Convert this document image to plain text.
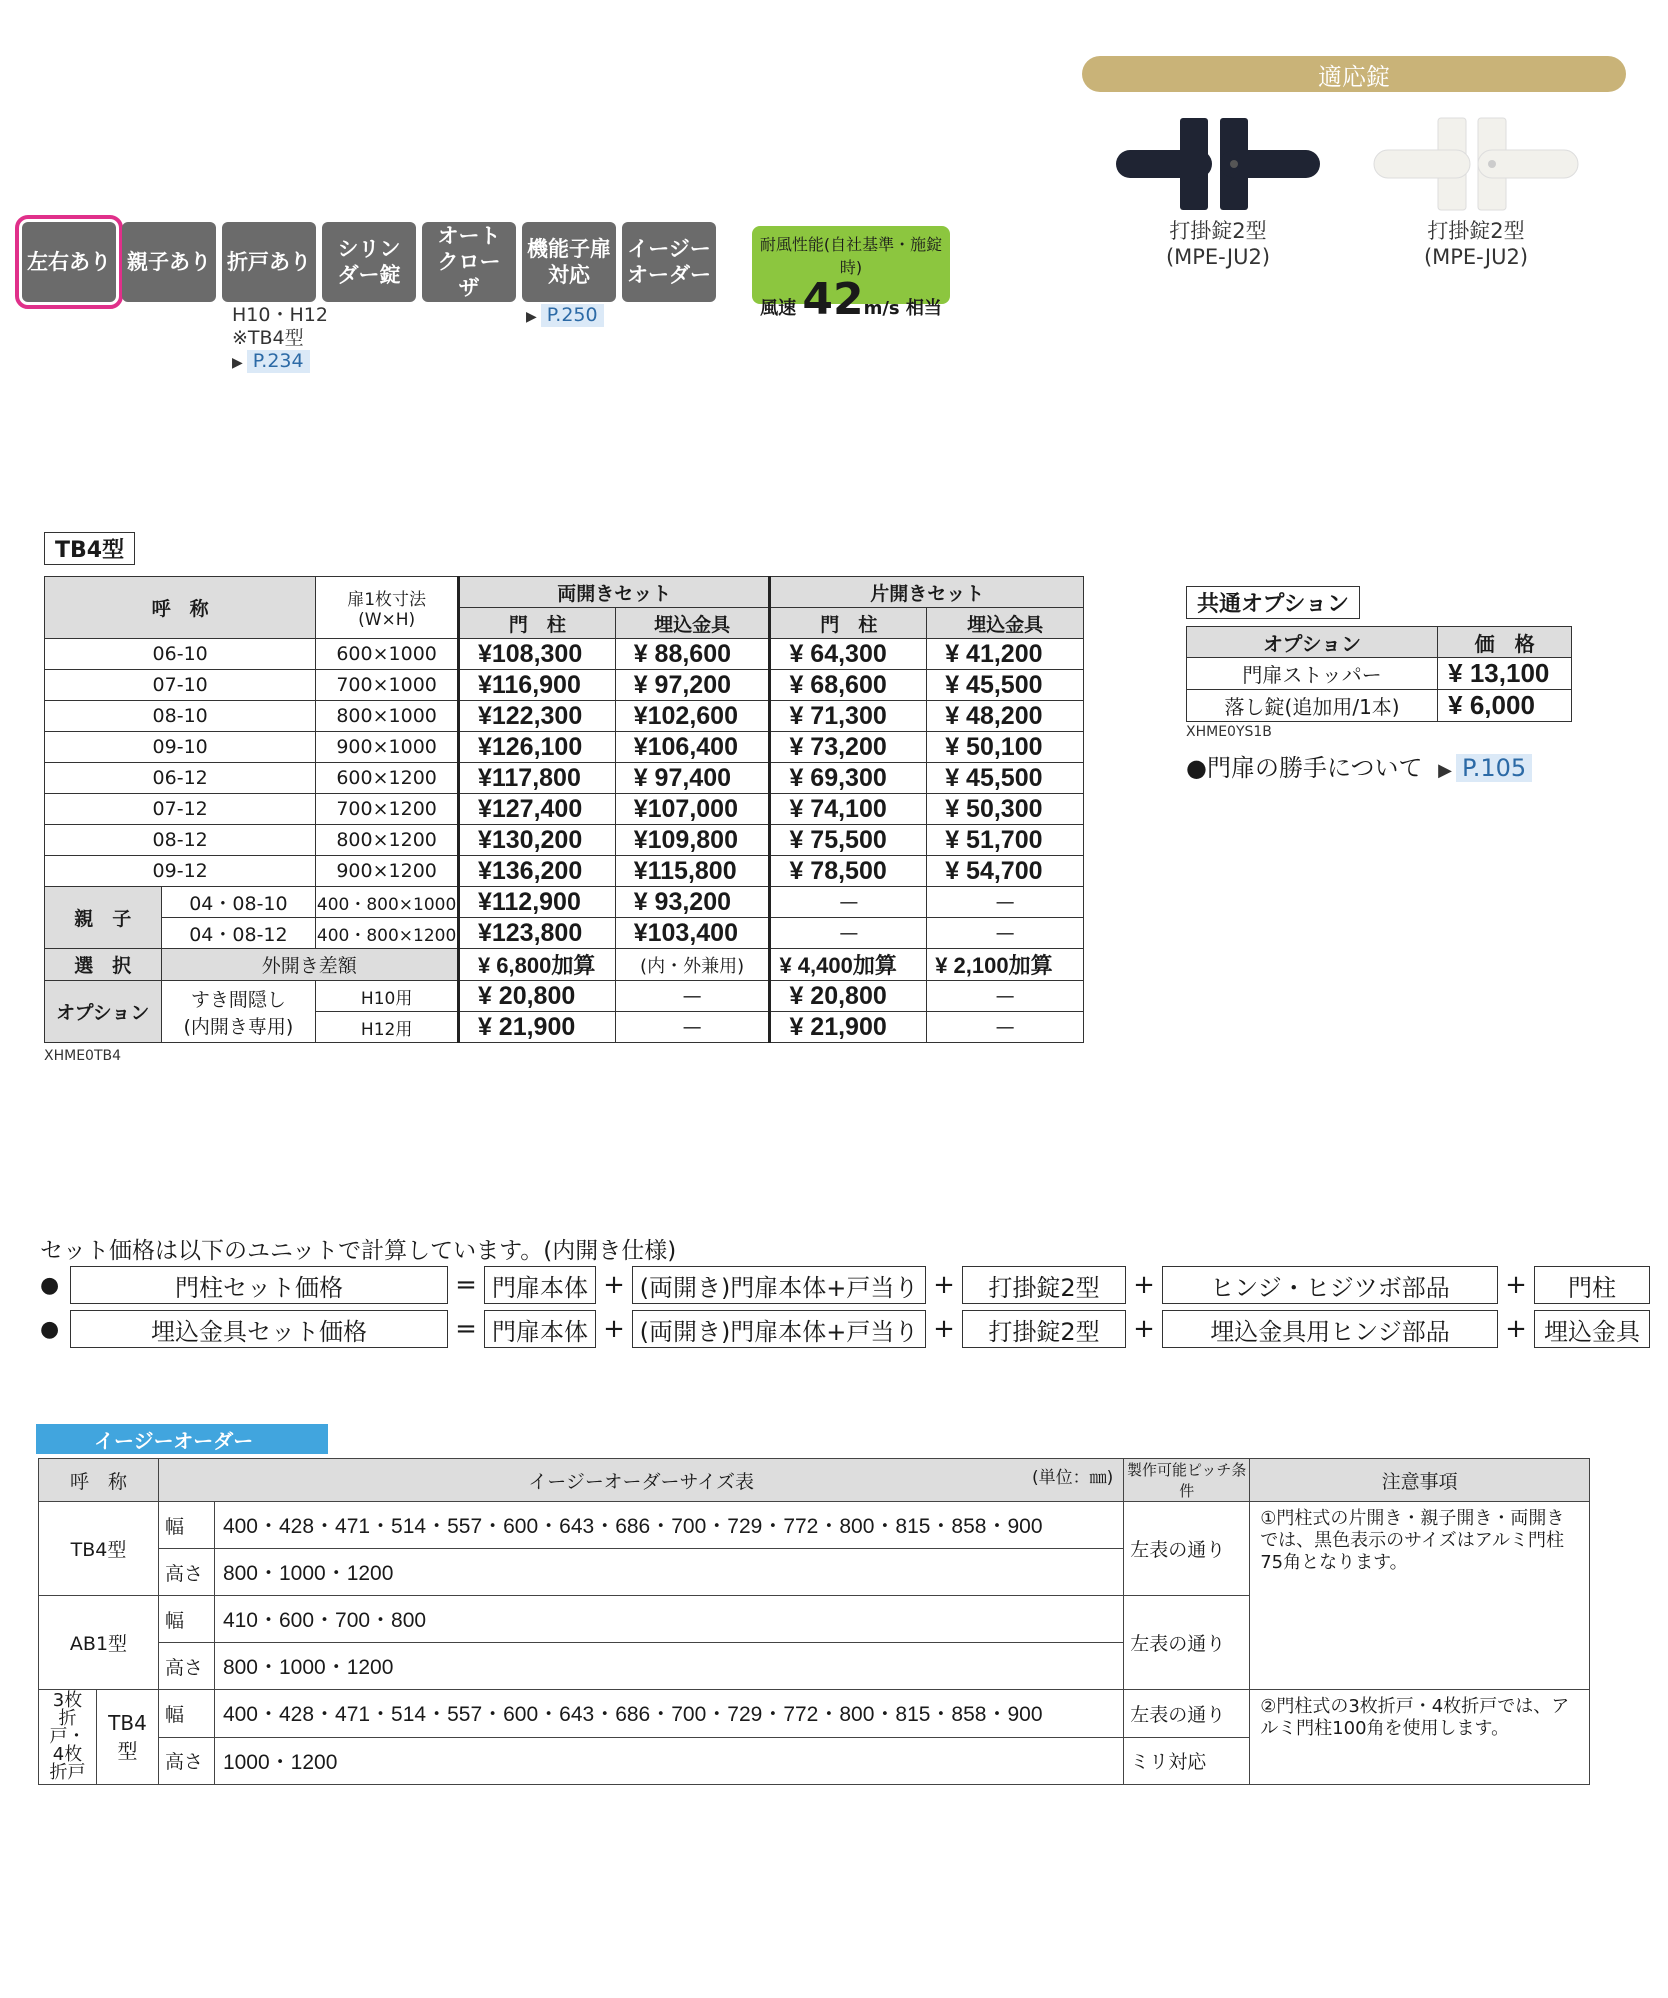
適応錠
打掛錠2型
(MPE-JU2)
打掛錠2型
(MPE-JU2)
左右あり 親子あり 折戸あり
シリンダー錠
オートクローザ
機能子扉対応
イージーオーダー
H10・H12
※TB4型
▶ P.234
▶ P.250
耐風性能(自社基準・施錠時)
風速 42m/s 相当
TB4型
呼　称		扉1枚寸法
(W×H)	両開きセット		片開きセット	
			門　柱	埋込金具	門　柱	埋込金具
06-10		600×1000	¥108,300	¥ 88,600	¥ 64,300	¥ 41,200
07-10		700×1000	¥116,900	¥ 97,200	¥ 68,600	¥ 45,500
08-10		800×1000	¥122,300	¥102,600	¥ 71,300	¥ 48,200
09-10		900×1000	¥126,100	¥106,400	¥ 73,200	¥ 50,100
06-12		600×1200	¥117,800	¥ 97,400	¥ 69,300	¥ 45,500
07-12		700×1200	¥127,400	¥107,000	¥ 74,100	¥ 50,300
08-12		800×1200	¥130,200	¥109,800	¥ 75,500	¥ 51,700
09-12		900×1200	¥136,200	¥115,800	¥ 78,500	¥ 54,700
親　子	04・08-10	400・800×1000	¥112,900	¥ 93,200	—	—
	04・08-12	400・800×1200	¥123,800	¥103,400	—	—
選　択	外開き差額		¥ 6,800加算	(内・外兼用)	¥ 4,400加算	¥ 2,100加算
オプション	すき間隠し
(内開き専用)	H10用	¥ 20,800	—	¥ 20,800	—
		H12用	¥ 21,900	—	¥ 21,900	—
XHME0TB4
共通オプション
オプション	価　格
門扉ストッパー	¥ 13,100
落し錠(追加用/1本)	¥ 6,000
XHME0YS1B
●門扉の勝手について ▶ P.105
セット価格は以下のユニットで計算しています。(内開き仕様)
●	門柱セット価格	= 門扉本体 + (両開き)門扉本体+戸当り +	打掛錠2型	+	ヒンジ・ヒジツボ部品	+	門柱
●	埋込金具セット価格	= 門扉本体 + (両開き)門扉本体+戸当り +	打掛錠2型	+	埋込金具用ヒンジ部品	+ 埋込金具
イージーオーダー
呼　称		イージーオーダーサイズ表 (単位：㎜)		製作可能ピッチ条件	注意事項
TB4型		幅	400・428・471・514・557・600・643・686・700・729・772・800・815・858・900	左表の通り	①門柱式の片開き・親子開き・両開きでは、黒色表示のサイズはアルミ門柱75角となります。
		高さ	800・1000・1200		
AB1型		幅	410・600・700・800	左表の通り	
		高さ	800・1000・1200		

3枚折戸・4枚折戸	TB4型	幅	400・428・471・514・557・600・643・686・700・729・772・800・815・858・900	左表の通り	②門柱式の3枚折戸・4枚折戸では、アルミ門柱100角を使用します。
		高さ	1000・1200	ミリ対応	
